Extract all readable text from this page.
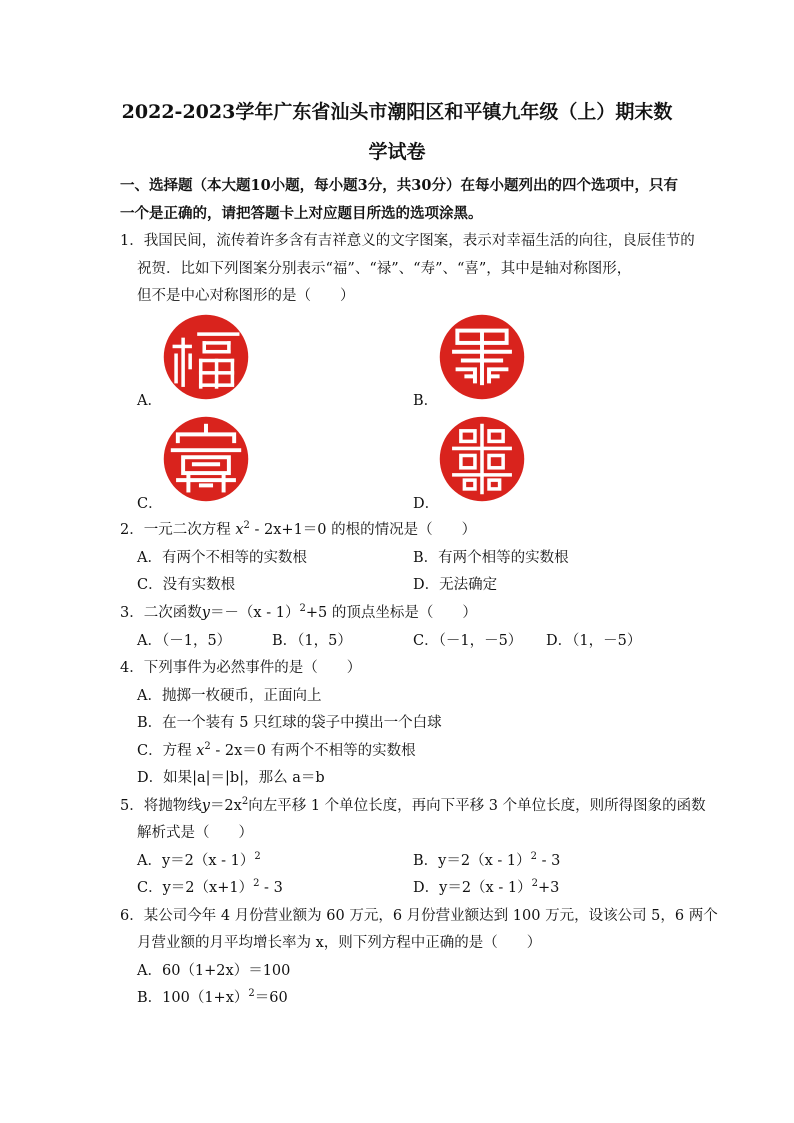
2022-2023学年广东省汕头市潮阳区和平镇九年级（上）期末数
学试卷
一、选择题（本大题10小题，每小题3分，共30分）在每小题列出的四个选项中，只有
一个是正确的，请把答题卡上对应题目所选的选项涂黑。
1．我国民间，流传着许多含有吉祥意义的文字图案，表示对幸福生活的向往，良辰佳节的
祝贺．比如下列图案分别表示“福”、“禄”、“寿”、“喜”，其中是轴对称图形，
但不是中心对称图形的是（　　）
A．	B．
C．	D．
2．一元二次方程 $x^2 - 2x+1=0$ 的根的情况是（　　）
A．有两个不相等的实数根	B．有两个相等的实数根
C．没有实数根	D．无法确定
3．二次函数y＝－（x - 1）$^2$+5 的顶点坐标是（　　）
A．（－1，5）	B．（1，5）	C．（－1，－5） D．（1，－5）
4．下列事件为必然事件的是（　　）
A．抛掷一枚硬币，正面向上
B．在一个装有 5 只红球的袋子中摸出一个白球
C．方程 $x^2 - 2x=0$ 有两个不相等的实数根
D．如果|a|＝|b|，那么 a＝b
5．将抛物线$y=2x^2$向左平移 1 个单位长度，再向下平移 3 个单位长度，则所得图象的函数
解析式是（　　）
A．y＝2（x - 1）$^2$	B．y＝2（x - 1）$^2$ - 3
C．$y=2(x+1)^2 - 3$	D．y＝2（x - 1）$^2$+3
6．某公司今年 4 月份营业额为 60 万元，6 月份营业额达到 100 万元，设该公司 5，6 两个
月营业额的月平均增长率为 x，则下列方程中正确的是（　　）
A．60（1+2x）＝100
B．$100(1+x)^2=60$
